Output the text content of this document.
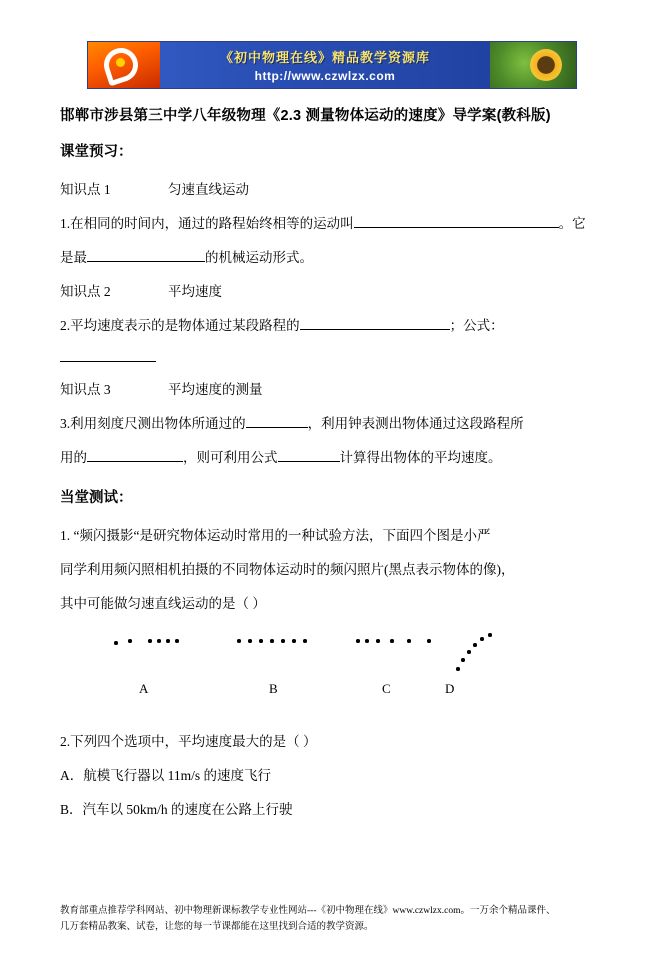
《初中物理在线》精品教学资源库
http://www.czwlzx.com
邯郸市涉县第三中学八年级物理《2.3 测量物体运动的速度》导学案(教科版)
课堂预习：
知识点 1	匀速直线运动
1.在相同的时间内，通过的路程始终相等的运动叫	。它
是最	的机械运动形式。
知识点 2	平均速度
2.平均速度表示的是物体通过某段路程的	；公式：
知识点 3	平均速度的测量
3.利用刻度尺测出物体所通过的	，利用钟表测出物体通过这段路程所
用的	，则可利用公式	计算得出物体的平均速度。
当堂测试：
1. “频闪摄影“是研究物体运动时常用的一种试验方法，下面四个图是小严
同学利用频闪照相机拍摄的不同物体运动时的频闪照片(黑点表示物体的像)，
其中可能做匀速直线运动的是（ ）
A	B	C	D
2.下列四个选项中，平均速度最大的是（ ）
A．航模飞行器以 11m/s 的速度飞行
B．汽车以 50km/h 的速度在公路上行驶
教育部重点推荐学科网站、初中物理新课标教学专业性网站---《初中物理在线》www.czwlzx.com。一万余个精品课件、
几万套精品教案、试卷，让您的每一节课都能在这里找到合适的教学资源。
